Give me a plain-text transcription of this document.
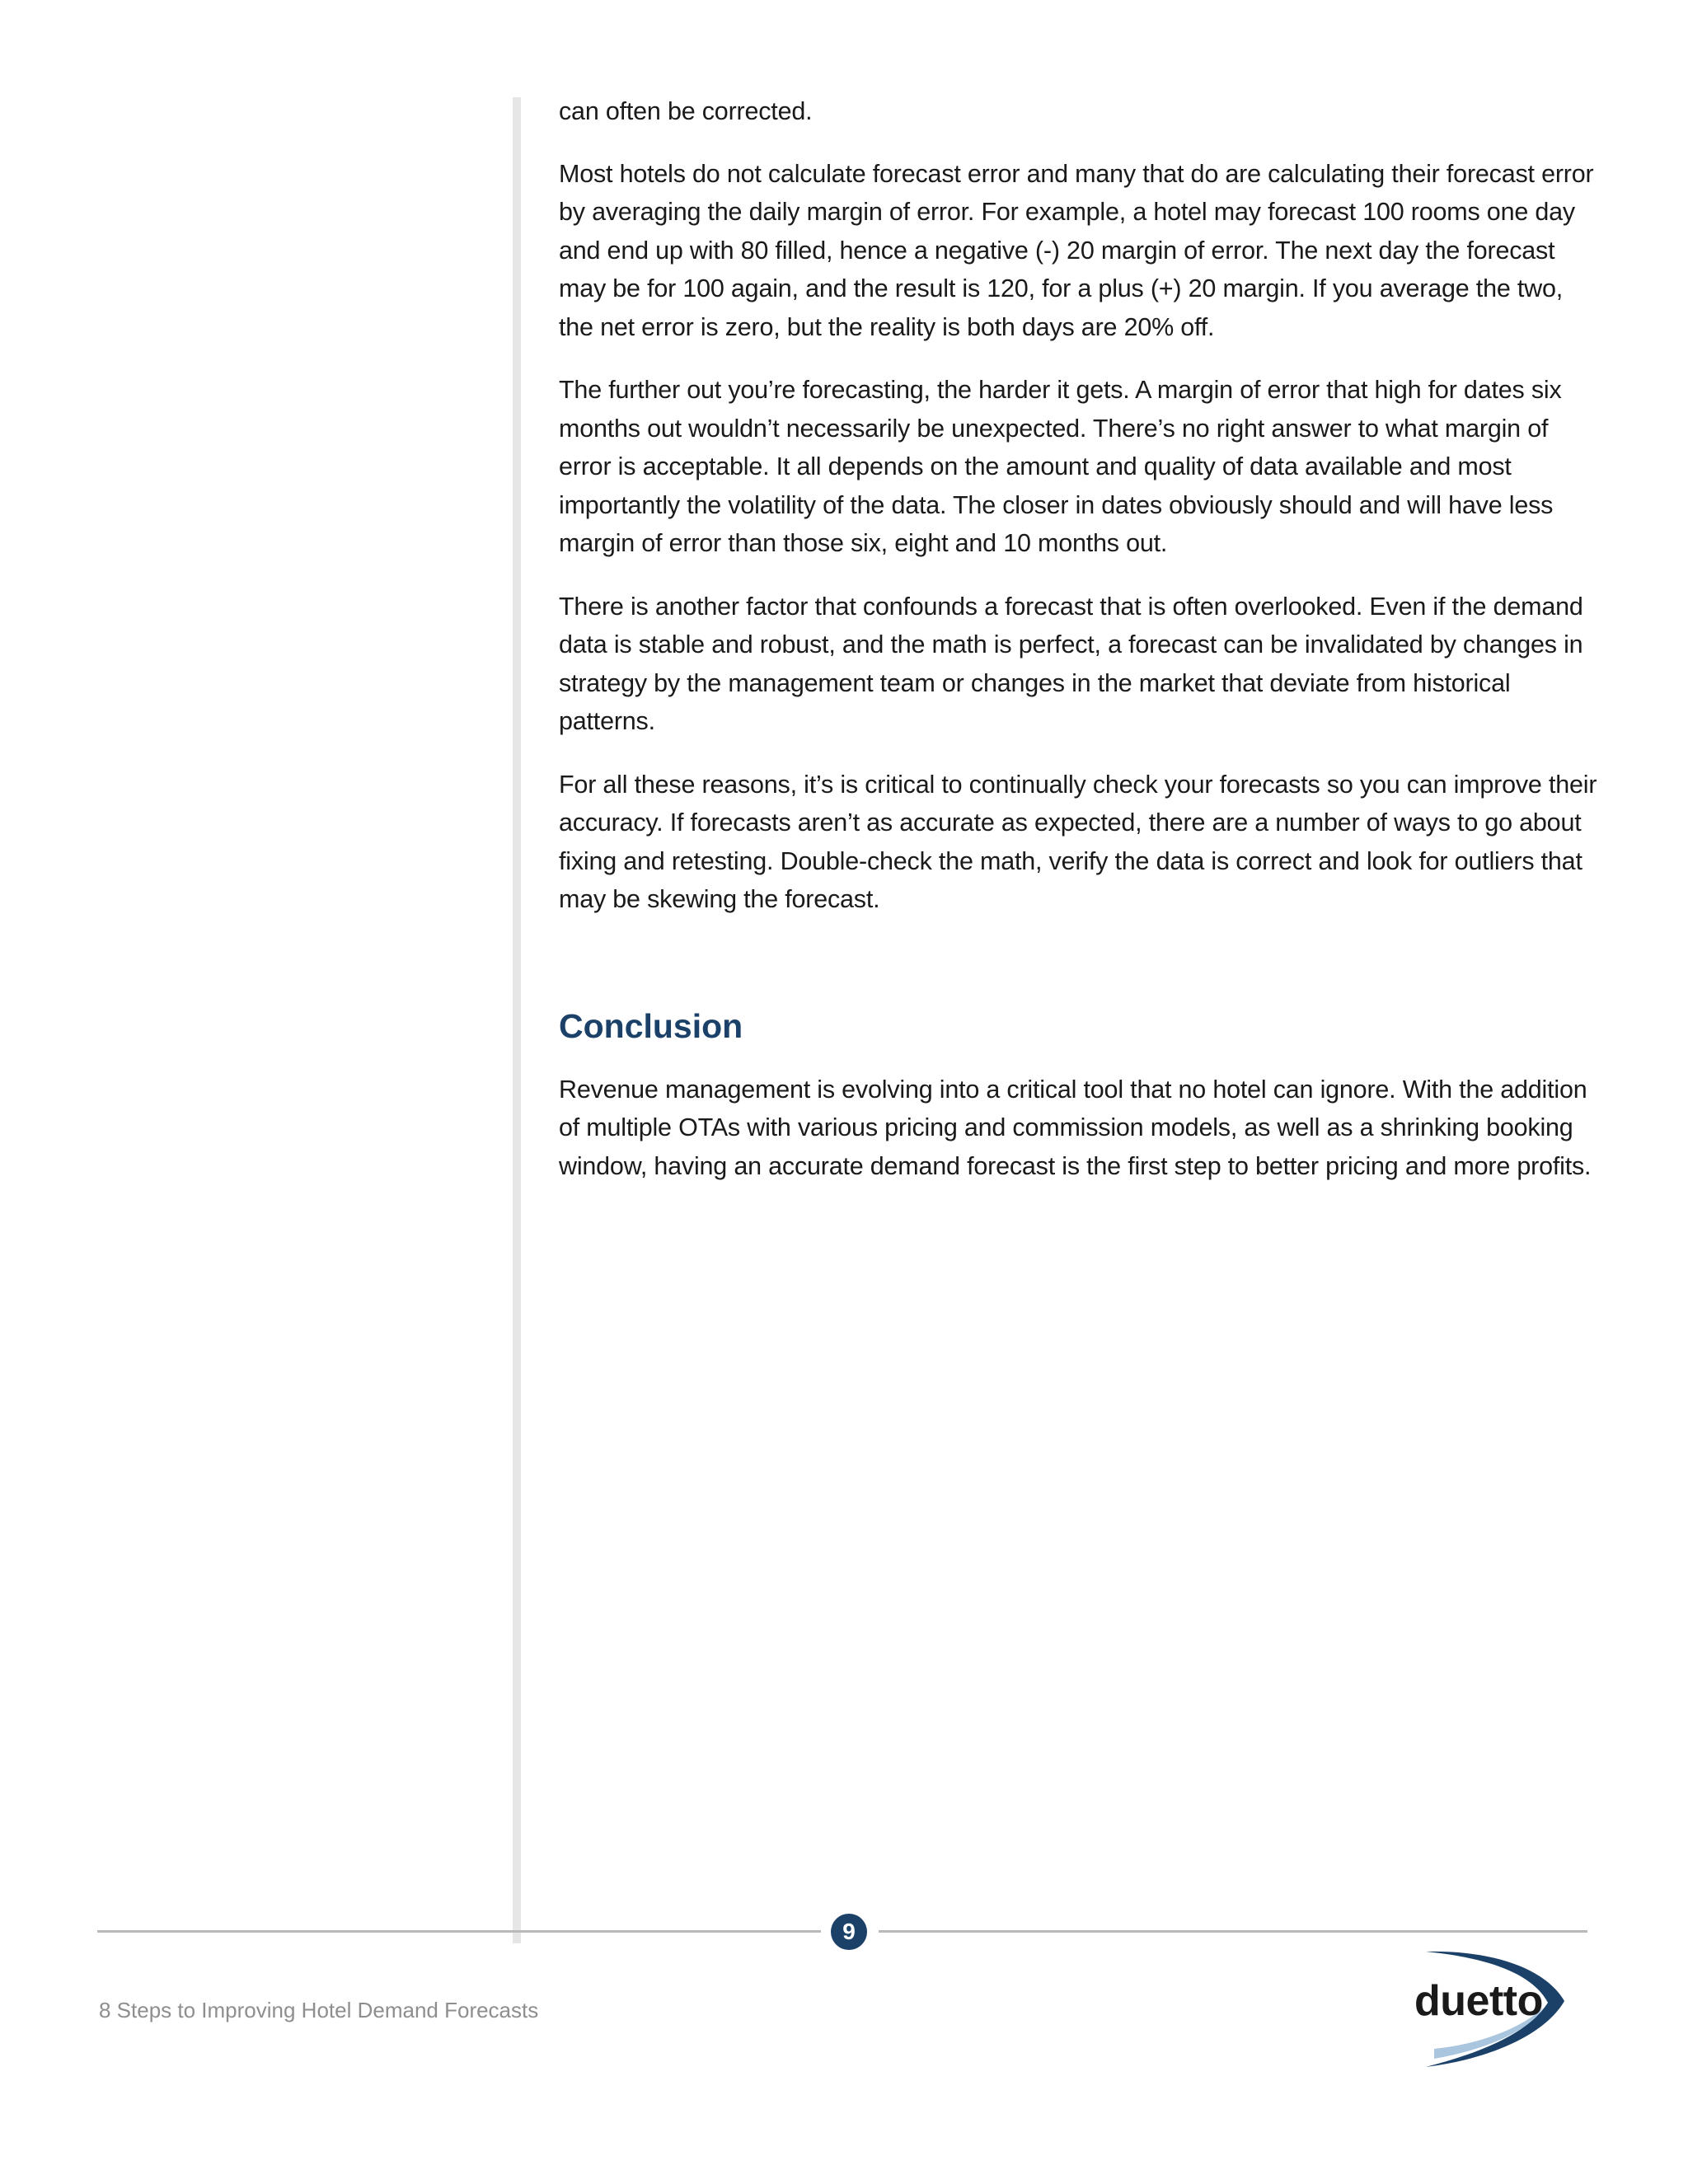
can often be corrected.

Most hotels do not calculate forecast error and many that do are calculating their forecast error by averaging the daily margin of error. For example, a hotel may forecast 100 rooms one day and end up with 80 filled, hence a negative (-) 20 margin of error. The next day the forecast may be for 100 again, and the result is 120, for a plus (+) 20 margin. If you average the two, the net error is zero, but the reality is both days are 20% off.

The further out you’re forecasting, the harder it gets. A margin of error that high for dates six months out wouldn’t necessarily be unexpected. There’s no right answer to what margin of error is acceptable. It all depends on the amount and quality of data available and most importantly the volatility of the data. The closer in dates obviously should and will have less margin of error than those six, eight and 10 months out.

There is another factor that confounds a forecast that is often overlooked. Even if the demand data is stable and robust, and the math is perfect, a forecast can be invalidated by changes in strategy by the management team or changes in the market that deviate from historical patterns.

For all these reasons, it’s is critical to continually check your forecasts so you can improve their accuracy. If forecasts aren’t as accurate as expected, there are a number of ways to go about fixing and retesting. Double-check the math, verify the data is correct and look for outliers that may be skewing the forecast.

Conclusion

Revenue management is evolving into a critical tool that no hotel can ignore. With the addition of multiple OTAs with various pricing and commission models, as well as a shrinking booking window, having an accurate demand forecast is the first step to better pricing and more profits.

9
8 Steps to Improving Hotel Demand Forecasts	duetto
